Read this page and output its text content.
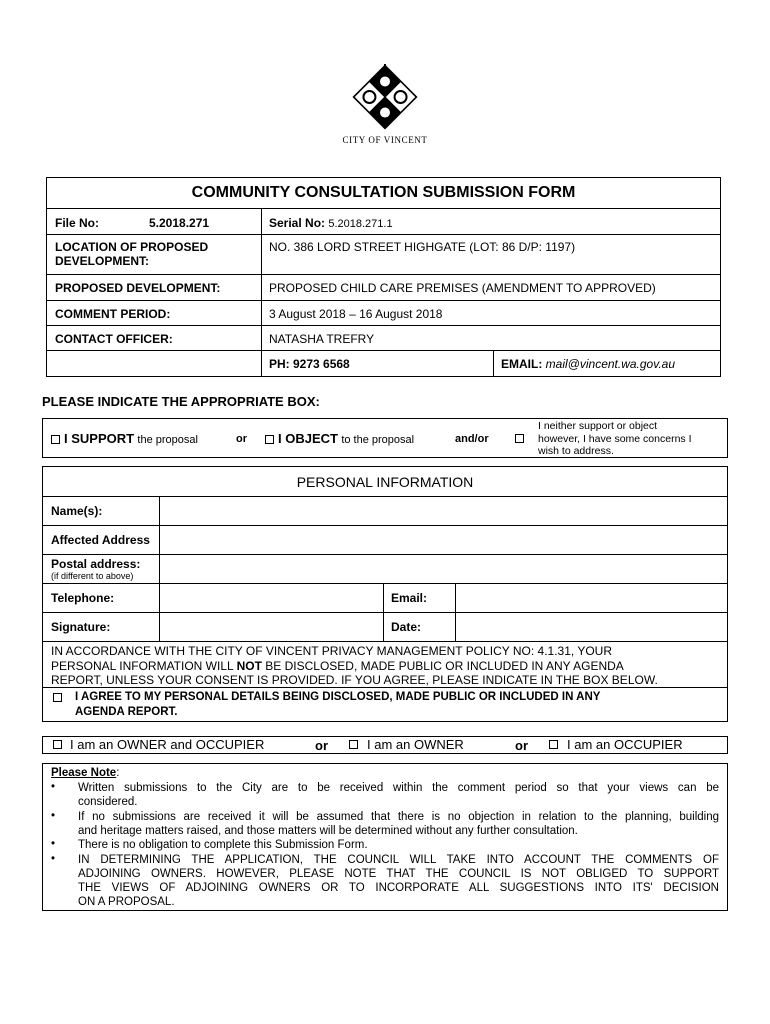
CITY OF VINCENT
COMMUNITY CONSULTATION SUBMISSION FORM
File No:	5.2018.271	Serial No: 5.2018.271.1
LOCATION OF PROPOSED
DEVELOPMENT:
NO. 386 LORD STREET HIGHGATE (LOT: 86 D/P: 1197)
PROPOSED DEVELOPMENT:	PROPOSED CHILD CARE PREMISES (AMENDMENT TO APPROVED)
COMMENT PERIOD:	3 August 2018 – 16 August 2018
CONTACT OFFICER:	NATASHA TREFRY
PH: 9273 6568	EMAIL: mail@vincent.wa.gov.au
PLEASE INDICATE THE APPROPRIATE BOX:
I SUPPORT the proposal	or	I OBJECT to the proposal	and/or
I neither support or object
however, I have some concerns I
wish to address.
PERSONAL INFORMATION
Name(s):
Affected Address
Postal address:
(if different to above)
Telephone:	Email:
Signature:	Date:
IN ACCORDANCE WITH THE CITY OF VINCENT PRIVACY MANAGEMENT POLICY NO: 4.1.31, YOUR
PERSONAL INFORMATION WILL NOT BE DISCLOSED, MADE PUBLIC OR INCLUDED IN ANY AGENDA
REPORT, UNLESS YOUR CONSENT IS PROVIDED. IF YOU AGREE, PLEASE INDICATE IN THE BOX BELOW.
I AGREE TO MY PERSONAL DETAILS BEING DISCLOSED, MADE PUBLIC OR INCLUDED IN ANY
AGENDA REPORT.
I am an OWNER and OCCUPIER	or	I am an OWNER	or	I am an OCCUPIER
Please Note:
• Written submissions to the City are to be received within the comment period so that your views can be
considered.
• If no submissions are received it will be assumed that there is no objection in relation to the planning, building
and heritage matters raised, and those matters will be determined without any further consultation.
• There is no obligation to complete this Submission Form.
• IN DETERMINING THE APPLICATION, THE COUNCIL WILL TAKE INTO ACCOUNT THE COMMENTS OF
ADJOINING OWNERS. HOWEVER, PLEASE NOTE THAT THE COUNCIL IS NOT OBLIGED TO SUPPORT
THE VIEWS OF ADJOINING OWNERS OR TO INCORPORATE ALL SUGGESTIONS INTO ITS' DECISION
ON A PROPOSAL.
